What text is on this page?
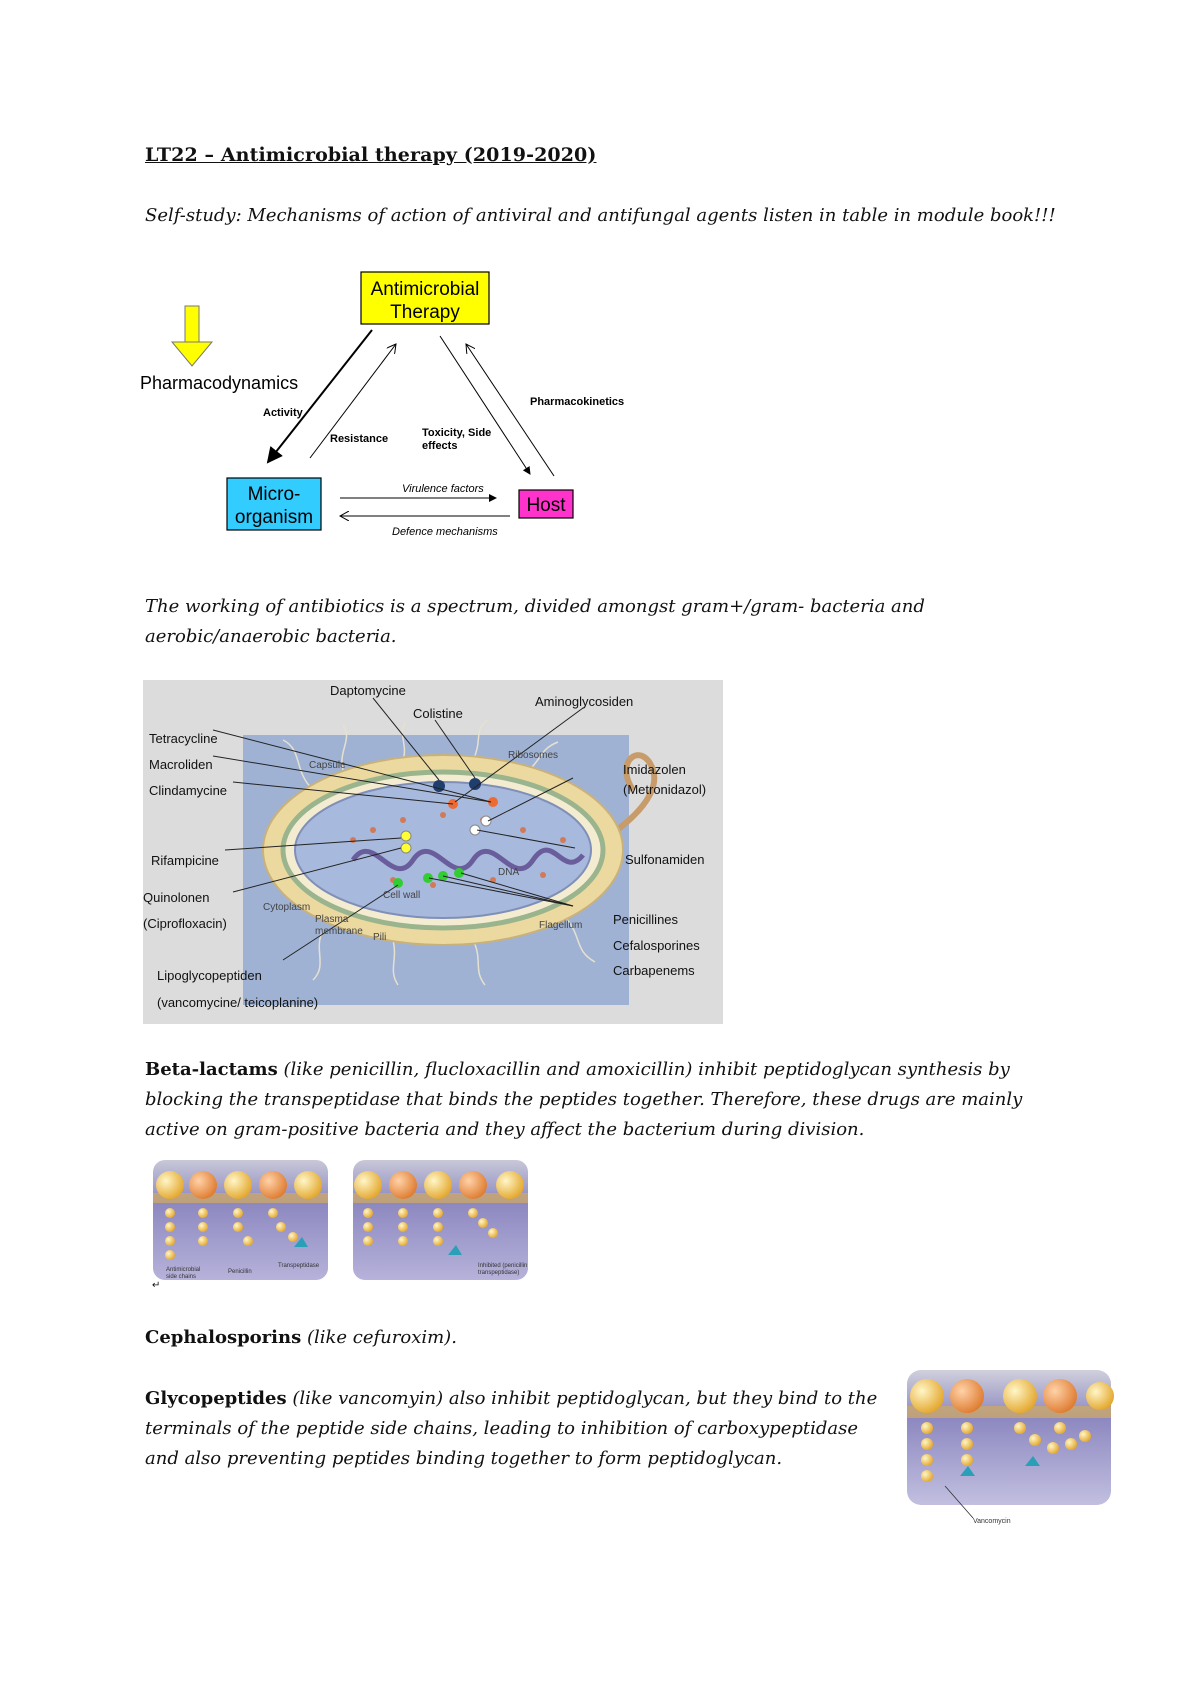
LT22 – Antimicrobial therapy (2019-2020)
Self-study: Mechanisms of action of antiviral and antifungal agents listen in table in module book!!!
Antimicrobial
Therapy
Pharmacodynamics
Micro-
organism
Host
Activity
Resistance	Toxicity, Side
effects
Pharmacokinetics
Virulence factors
Defence mechanisms
The working of antibiotics is a spectrum, divided amongst gram+/gram- bacteria and
aerobic/anaerobic bacteria.
Capsule
Ribosomes
DNA
Cytoplasm
Cell wall
Plasma
membrane
Pili
Flagellum
Daptomycine
Colistine
Aminoglycosiden
Tetracycline
Macroliden
Clindamycine
Imidazolen
(Metronidazol)
Rifampicine	Sulfonamiden
Quinolonen
(Ciprofloxacin)	Penicillines
Cefalosporines
Carbapenems
Lipoglycopeptiden
(vancomycine/ teicoplanine)
Beta-lactams (like penicillin, flucloxacillin and amoxicillin) inhibit peptidoglycan synthesis by
blocking the transpeptidase that binds the peptides together. Therefore, these drugs are mainly
active on gram-positive bacteria and they affect the bacterium during division.
Antimicrobial
side chains
Penicillin
Transpeptidase	Inhibited (penicillin
transpeptidase)
↵
Cephalosporins (like cefuroxim).
Glycopeptides (like vancomyin) also inhibit peptidoglycan, but they bind to the
terminals of the peptide side chains, leading to inhibition of carboxypeptidase
and also preventing peptides binding together to form peptidoglycan.
Vancomycin
